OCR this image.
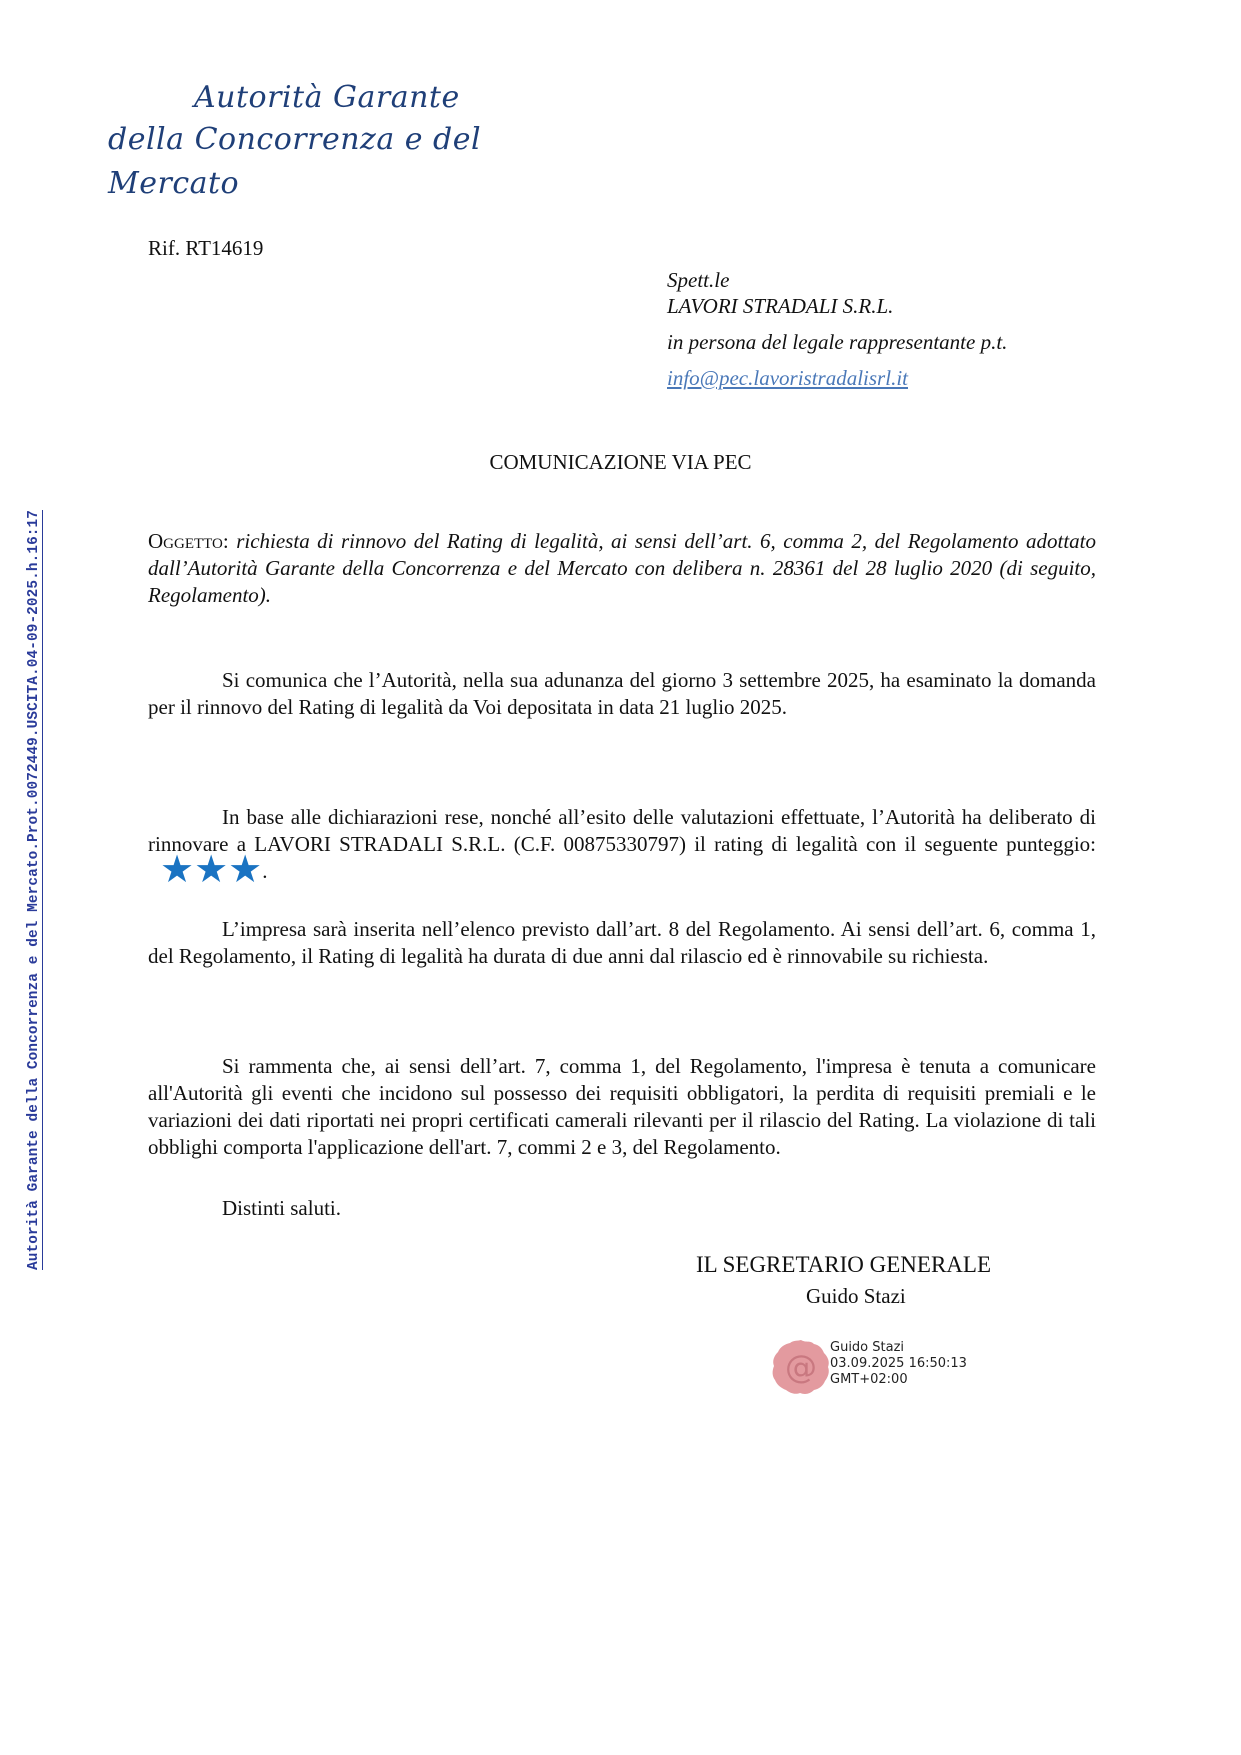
Autorità Garante
della Concorrenza e del Mercato
Autorità Garante della Concorrenza e del Mercato.Prot.0072449.USCITA.04-09-2025.h.16:17
Rif. RT14619
Spett.le
LAVORI STRADALI S.R.L.
in persona del legale rappresentante p.t.
info@pec.lavoristradalisrl.it
COMUNICAZIONE VIA PEC
Oggetto: richiesta di rinnovo del Rating di legalità, ai sensi dell’art. 6, comma 2, del Regolamento adottato dall’Autorità Garante della Concorrenza e del Mercato con delibera n. 28361 del 28 luglio 2020 (di seguito, Regolamento).
Si comunica che l’Autorità, nella sua adunanza del giorno 3 settembre 2025, ha esaminato la domanda per il rinnovo del Rating di legalità da Voi depositata in data 21 luglio 2025.
In base alle dichiarazioni rese, nonché all’esito delle valutazioni effettuate, l’Autorità ha deliberato di rinnovare a LAVORI STRADALI S.R.L. (C.F. 00875330797) il rating di legalità con il seguente punteggio:★★★.
L’impresa sarà inserita nell’elenco previsto dall’art. 8 del Regolamento. Ai sensi dell’art. 6, comma 1, del Regolamento, il Rating di legalità ha durata di due anni dal rilascio ed è rinnovabile su richiesta.
Si rammenta che, ai sensi dell’art. 7, comma 1, del Regolamento, l'impresa è tenuta a comunicare all'Autorità gli eventi che incidono sul possesso dei requisiti obbligatori, la perdita di requisiti premiali e le variazioni dei dati riportati nei propri certificati camerali rilevanti per il rilascio del Rating. La violazione di tali obblighi comporta l'applicazione dell'art. 7, commi 2 e 3, del Regolamento.
Distinti saluti.
IL SEGRETARIO GENERALE
Guido Stazi
@
Guido Stazi
03.09.2025 16:50:13
GMT+02:00
